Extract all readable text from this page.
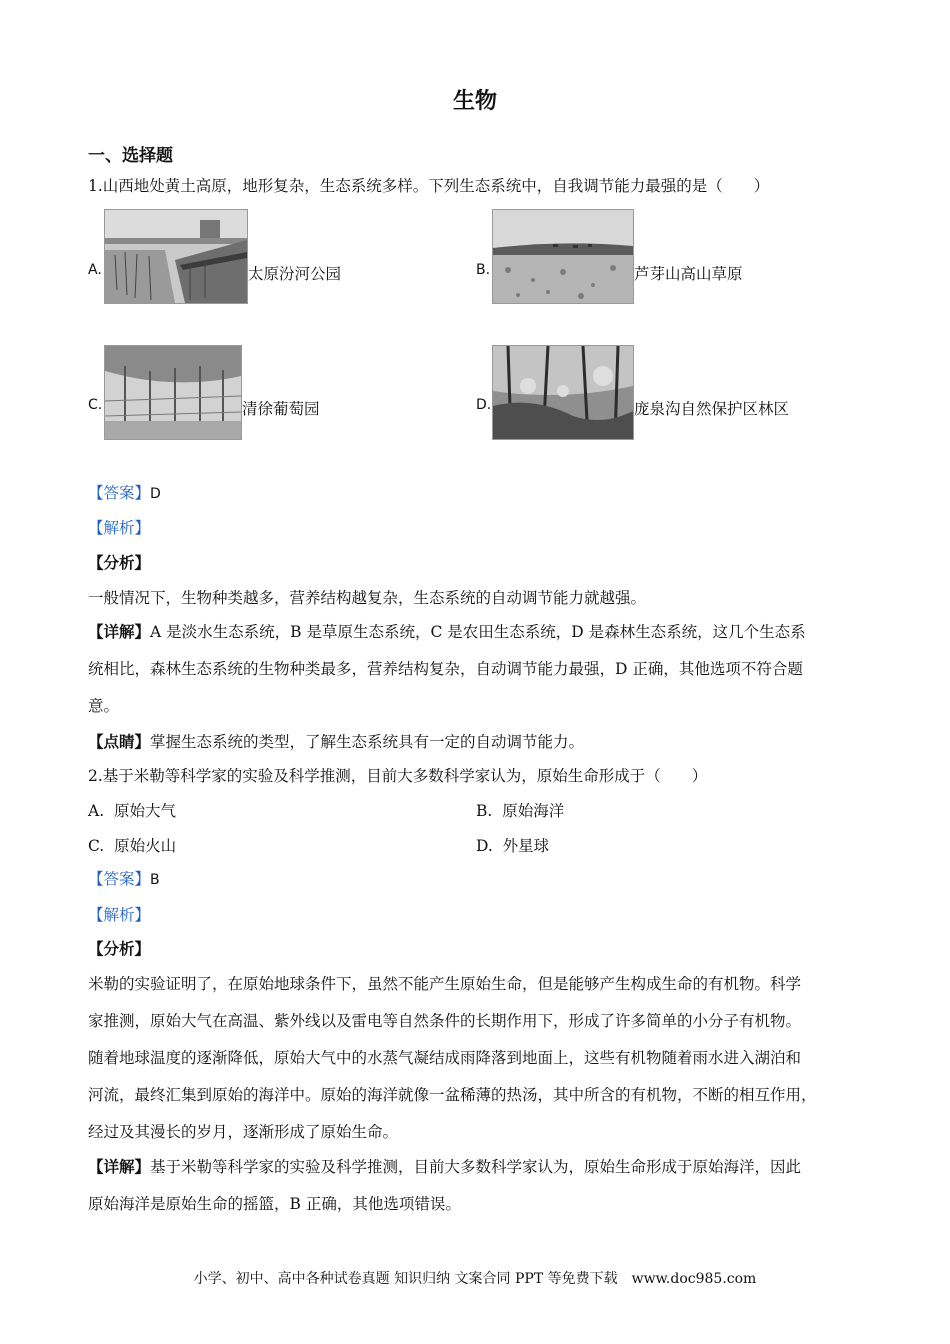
生物
一、选择题
1.山西地处黄土高原，地形复杂，生态系统多样。下列生态系统中，自我调节能力最强的是（　　）
A.	太原汾河公园	B.	芦芽山高山草原
C.	清徐葡萄园	D.	庞泉沟自然保护区林区
【答案】D
【解析】
【分析】
一般情况下，生物种类越多，营养结构越复杂，生态系统的自动调节能力就越强。
【详解】A 是淡水生态系统，B 是草原生态系统，C 是农田生态系统，D 是森林生态系统，这几个生态系
统相比，森林生态系统的生物种类最多，营养结构复杂，自动调节能力最强，D 正确，其他选项不符合题
意。
【点睛】掌握生态系统的类型，了解生态系统具有一定的自动调节能力。
2.基于米勒等科学家的实验及科学推测，目前大多数科学家认为，原始生命形成于（　　）
A. 原始大气	B. 原始海洋
C. 原始火山	D. 外星球
【答案】B
【解析】
【分析】
米勒的实验证明了，在原始地球条件下，虽然不能产生原始生命，但是能够产生构成生命的有机物。科学
家推测，原始大气在高温、紫外线以及雷电等自然条件的长期作用下，形成了许多简单的小分子有机物。
随着地球温度的逐渐降低，原始大气中的水蒸气凝结成雨降落到地面上，这些有机物随着雨水进入湖泊和
河流，最终汇集到原始的海洋中。原始的海洋就像一盆稀薄的热汤，其中所含的有机物，不断的相互作用，
经过及其漫长的岁月，逐渐形成了原始生命。
【详解】基于米勒等科学家的实验及科学推测，目前大多数科学家认为，原始生命形成于原始海洋，因此
原始海洋是原始生命的摇篮，B 正确，其他选项错误。
小学、初中、高中各种试卷真题 知识归纳 文案合同 PPT 等免费下载　www.doc985.com
